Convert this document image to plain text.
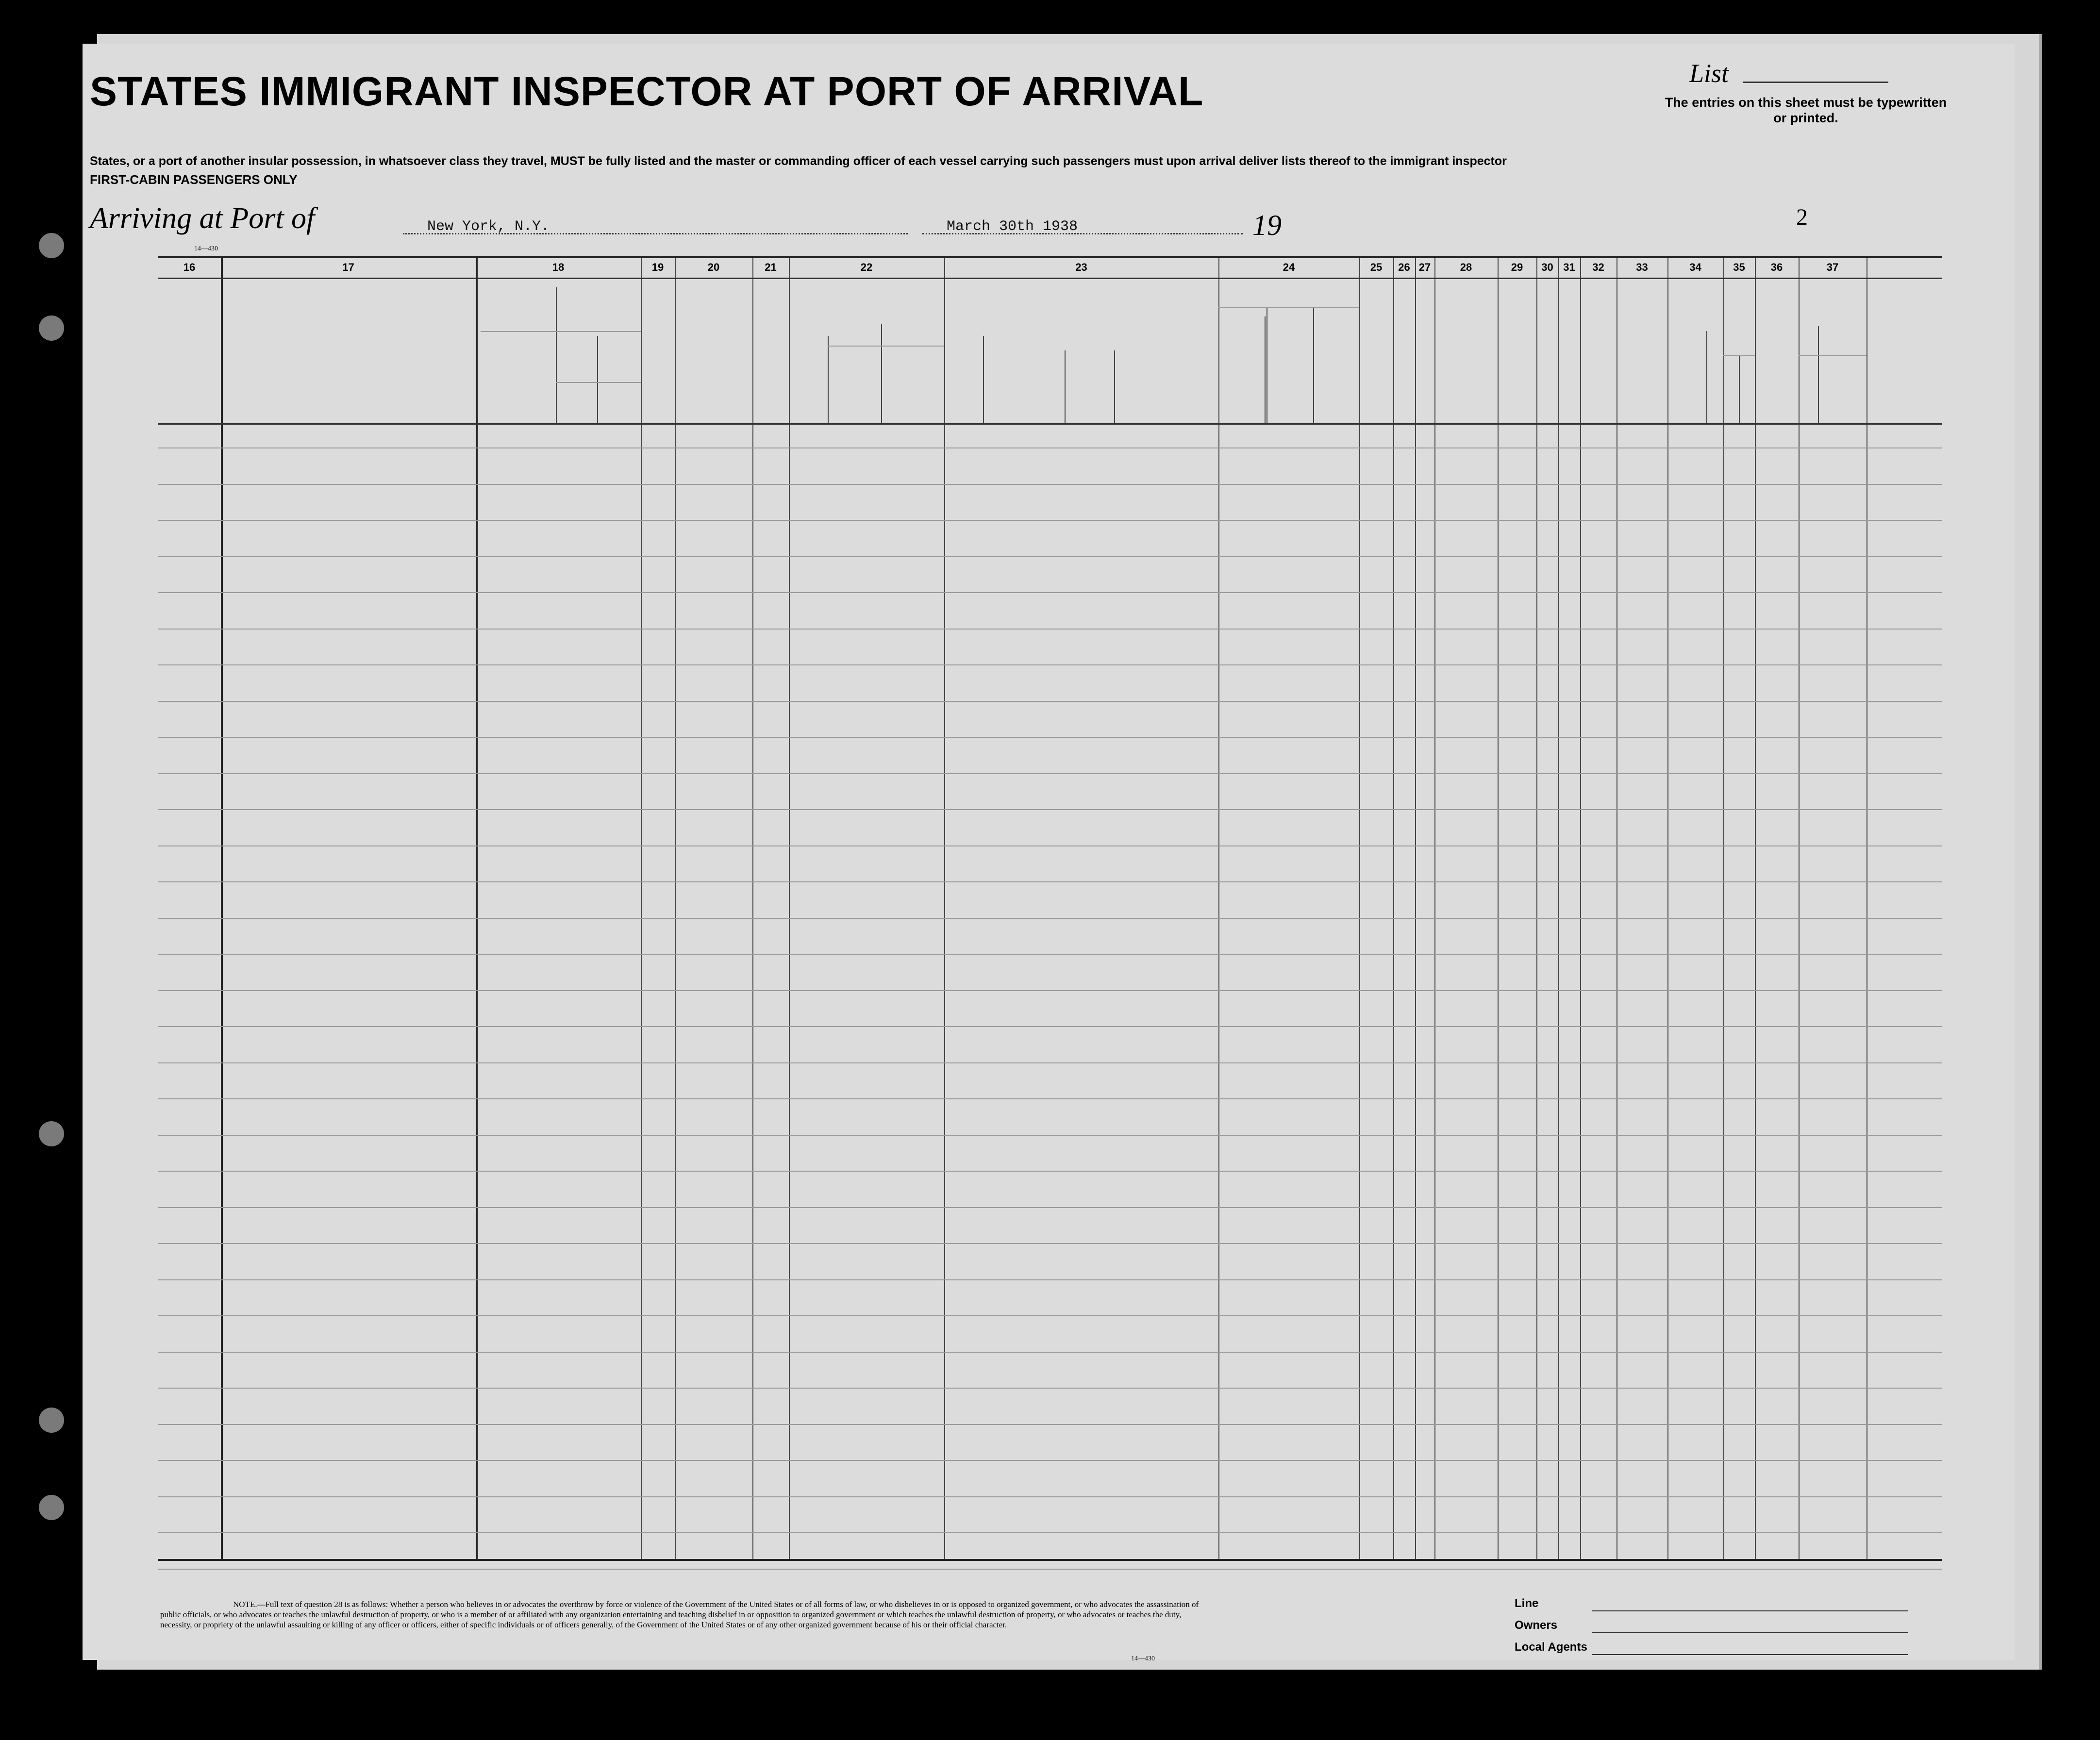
STATES IMMIGRANT INSPECTOR AT PORT OF ARRIVAL
States, or a port of another insular possession, in whatsoever class they travel, MUST be fully listed and the master or commanding officer of each vessel carrying such passengers must upon arrival deliver lists thereof to the immigrant inspector
FIRST-CABIN PASSENGERS ONLY
List
The entries on this sheet must be typewritten or printed.
Arriving at Port of	New York, N.Y.	March 30th 1938	19	2
14—430
16	17	18	19	20	21	22	23	24	25	26 27	28	29	30 31	32	33	34	35	36	37
NOTE.—Full text of question 28 is as follows: Whether a person who believes in or advocates the overthrow by force or violence of the Government of the United States or of all forms of law, or who disbelieves in or is opposed to organized government, or who advocates the assassination of public officials, or who advocates or teaches the unlawful destruction of property, or who is a member of or affiliated with any organization entertaining and teaching disbelief in or opposition to organized government or which teaches the unlawful destruction of property, or who advocates or teaches the duty, necessity, or propriety of the unlawful assaulting or killing of any officer or officers, either of specific individuals or of officers generally, of the Government of the United States or of any other organized government because of his or their official character.
14—430
Line
Owners
Local Agents
